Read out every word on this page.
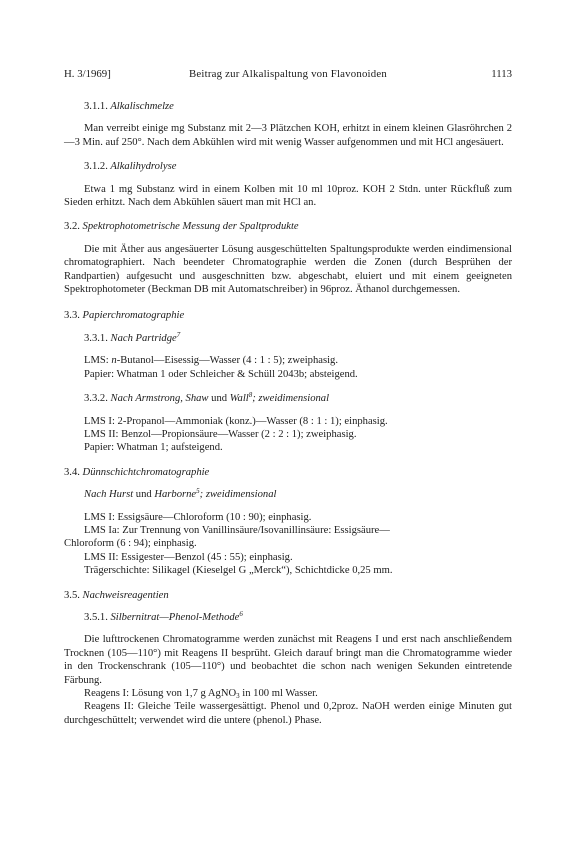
H. 3/1969]	Beitrag zur Alkalispaltung von Flavonoiden	1113
3.1.1. Alkalischmelze

Man verreibt einige mg Substanz mit 2—3 Plätzchen KOH, erhitzt in einem kleinen Glasröhrchen 2—3 Min. auf 250°. Nach dem Abkühlen wird mit wenig Wasser aufgenommen und mit HCl angesäuert.

3.1.2. Alkalihydrolyse

Etwa 1 mg Substanz wird in einem Kolben mit 10 ml 10proz. KOH 2 Stdn. unter Rückfluß zum Sieden erhitzt. Nach dem Abkühlen säuert man mit HCl an.

3.2. Spektrophotometrische Messung der Spaltprodukte

Die mit Äther aus angesäuerter Lösung ausgeschüttelten Spaltungsprodukte werden eindimensional chromatographiert. Nach beendeter Chromatographie werden die Zonen (durch Besprühen der Randpartien) aufgesucht und ausgeschnitten bzw. abgeschabt, eluiert und mit einem geeigneten Spektrophotometer (Beckman DB mit Automatschreiber) in 96proz. Äthanol durchgemessen.

3.3. Papierchromatographie
3.3.1. Nach Partridge$^7$
LMS: n-Butanol—Eisessig—Wasser (4 : 1 : 5); zweiphasig.
Papier: Whatman 1 oder Schleicher & Schüll 2043b; absteigend.
3.3.2. Nach Armstrong, Shaw und Wall$^8$; zweidimensional
LMS I: 2-Propanol—Ammoniak (konz.)—Wasser (8 : 1 : 1); einphasig.
LMS II: Benzol—Propionsäure—Wasser (2 : 2 : 1); zweiphasig.
Papier: Whatman 1; aufsteigend.
3.4. Dünnschichtchromatographie
Nach Hurst und Harborne$^5$; zweidimensional
LMS I: Essigsäure—Chloroform (10 : 90); einphasig.
LMS Ia: Zur Trennung von Vanillinsäure/Isovanillinsäure: Essigsäure—
Chloroform (6 : 94); einphasig.
LMS II: Essigester—Benzol (45 : 55); einphasig.
Trägerschichte: Silikagel (Kieselgel G „Merck“), Schichtdicke 0,25 mm.
3.5. Nachweisreagentien
3.5.1. Silbernitrat—Phenol-Methode$^6$

Die lufttrockenen Chromatogramme werden zunächst mit Reagens I und erst nach anschließendem Trocknen (105—110°) mit Reagens II besprüht. Gleich darauf bringt man die Chromatogramme wieder in den Trockenschrank (105—110°) und beobachtet die schon nach wenigen Sekunden eintretende Färbung.

Reagens I: Lösung von 1,7 g AgNO$_3$ in 100 ml Wasser.

Reagens II: Gleiche Teile wassergesättigt. Phenol und 0,2proz. NaOH werden einige Minuten gut durchgeschüttelt; verwendet wird die untere (phenol.) Phase.
